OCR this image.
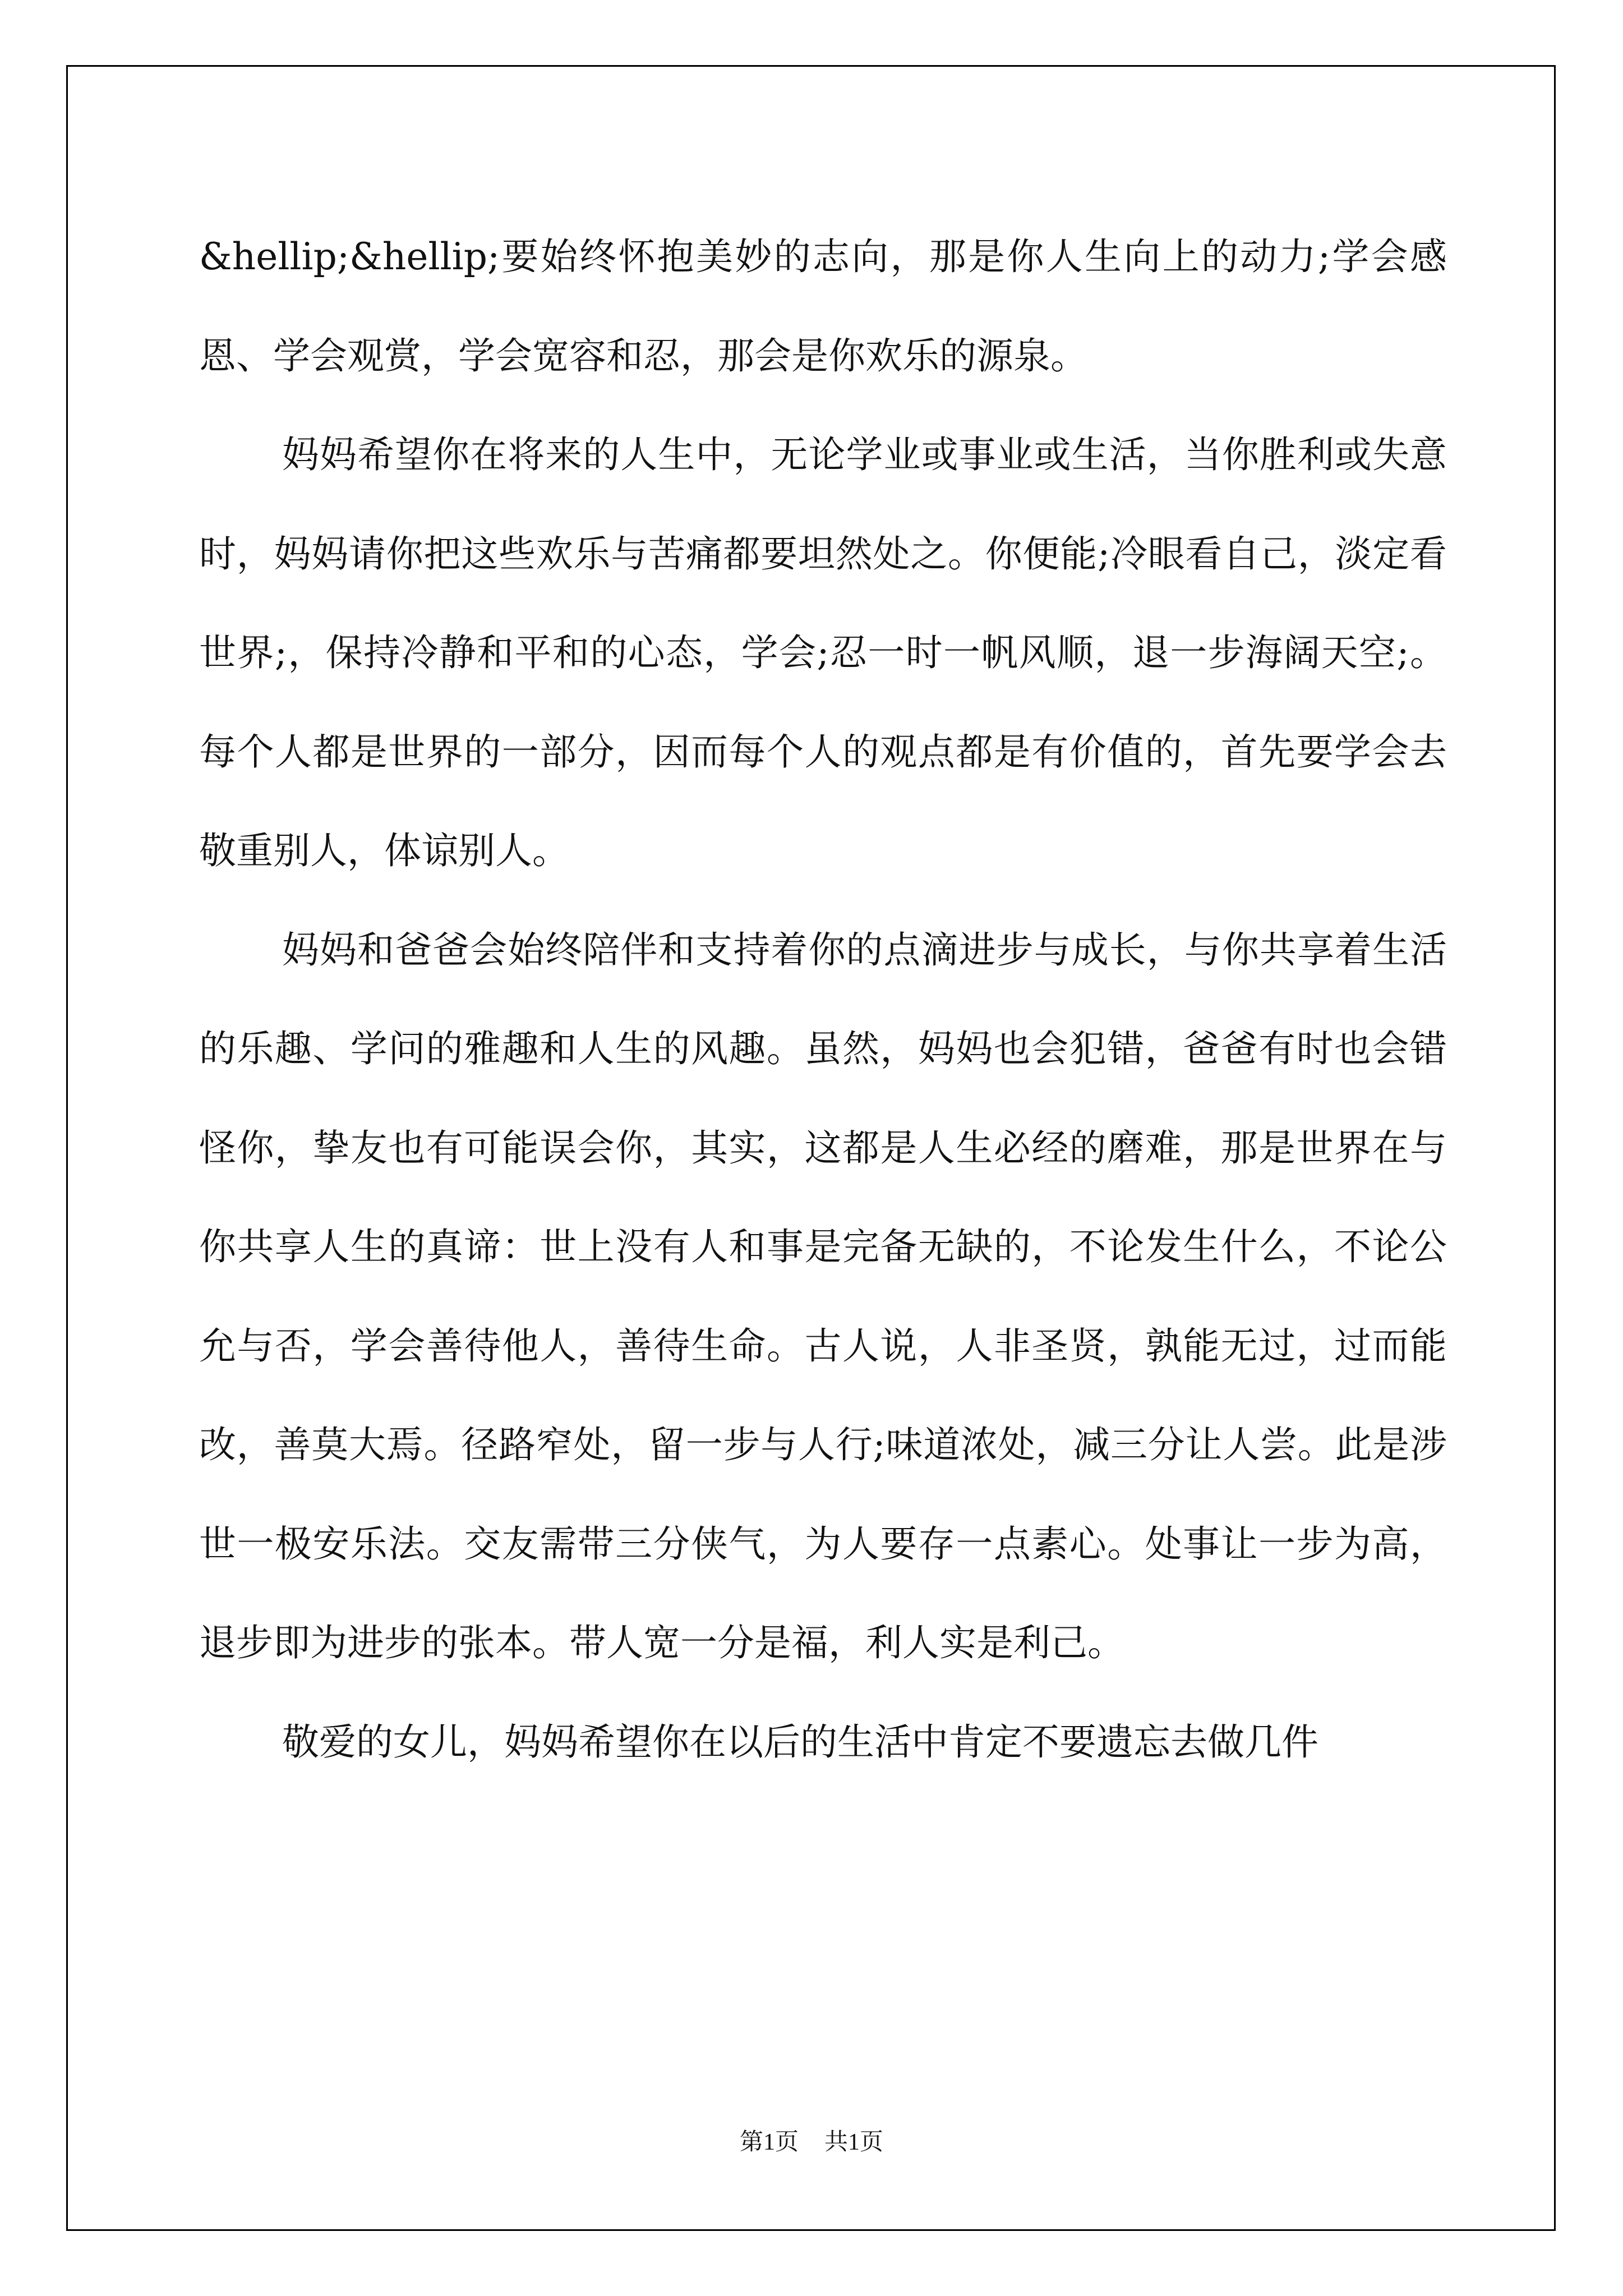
&hellip;&hellip;要始终怀抱美妙的志向，那是你人生向上的动力;学会感恩、学会观赏，学会宽容和忍，那会是你欢乐的源泉。

妈妈希望你在将来的人生中，无论学业或事业或生活，当你胜利或失意时，妈妈请你把这些欢乐与苦痛都要坦然处之。你便能;冷眼看自己，淡定看世界;，保持冷静和平和的心态，学会;忍一时一帆风顺，退一步海阔天空;。 每个人都是世界的一部分，因而每个人的观点都是有价值的，首先要学会去敬重别人，体谅别人。

妈妈和爸爸会始终陪伴和支持着你的点滴进步与成长，与你共享着生活的乐趣、学问的雅趣和人生的风趣。虽然，妈妈也会犯错，爸爸有时也会错怪你，挚友也有可能误会你，其实，这都是人生必经的磨难，那是世界在与你共享人生的真谛：世上没有人和事是完备无缺的，不论发生什么，不论公允与否，学会善待他人，善待生命。古人说，人非圣贤，孰能无过，过而能改，善莫大焉。径路窄处，留一步与人行;味道浓处，减三分让人尝。此是涉世一极安乐法。交友需带三分侠气，为人要存一点素心。处事让一步为高，退步即为进步的张本。带人宽一分是福，利人实是利己。

敬爱的女儿，妈妈希望你在以后的生活中肯定不要遗忘去做几件

第1页 共1页
